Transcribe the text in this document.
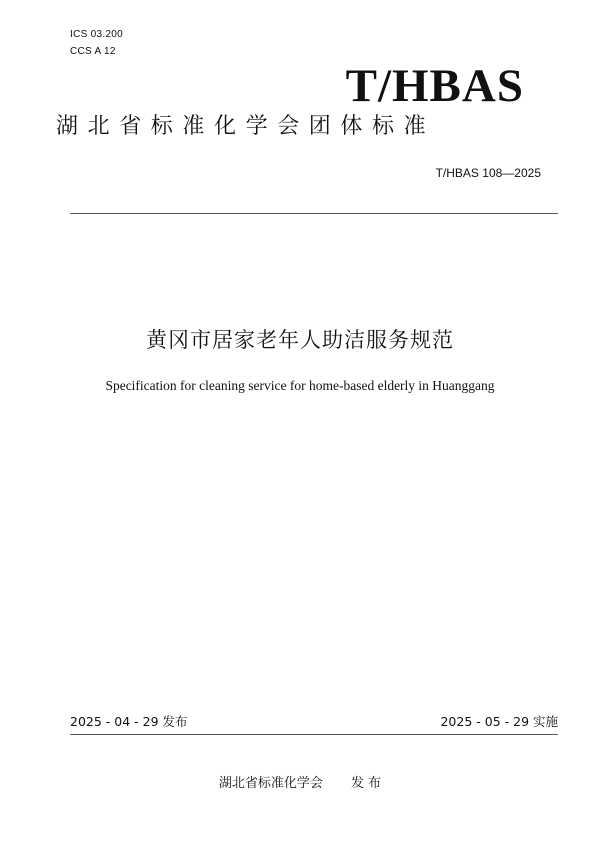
ICS 03.200
CCS A 12
T/HBAS
湖北省标准化学会团体标准
T/HBAS 108—2025
黄冈市居家老年人助洁服务规范
Specification for cleaning service for home-based elderly in Huanggang
2025 - 04 - 29 发布	2025 - 05 - 29 实施
湖北省标准化学会 发 布
